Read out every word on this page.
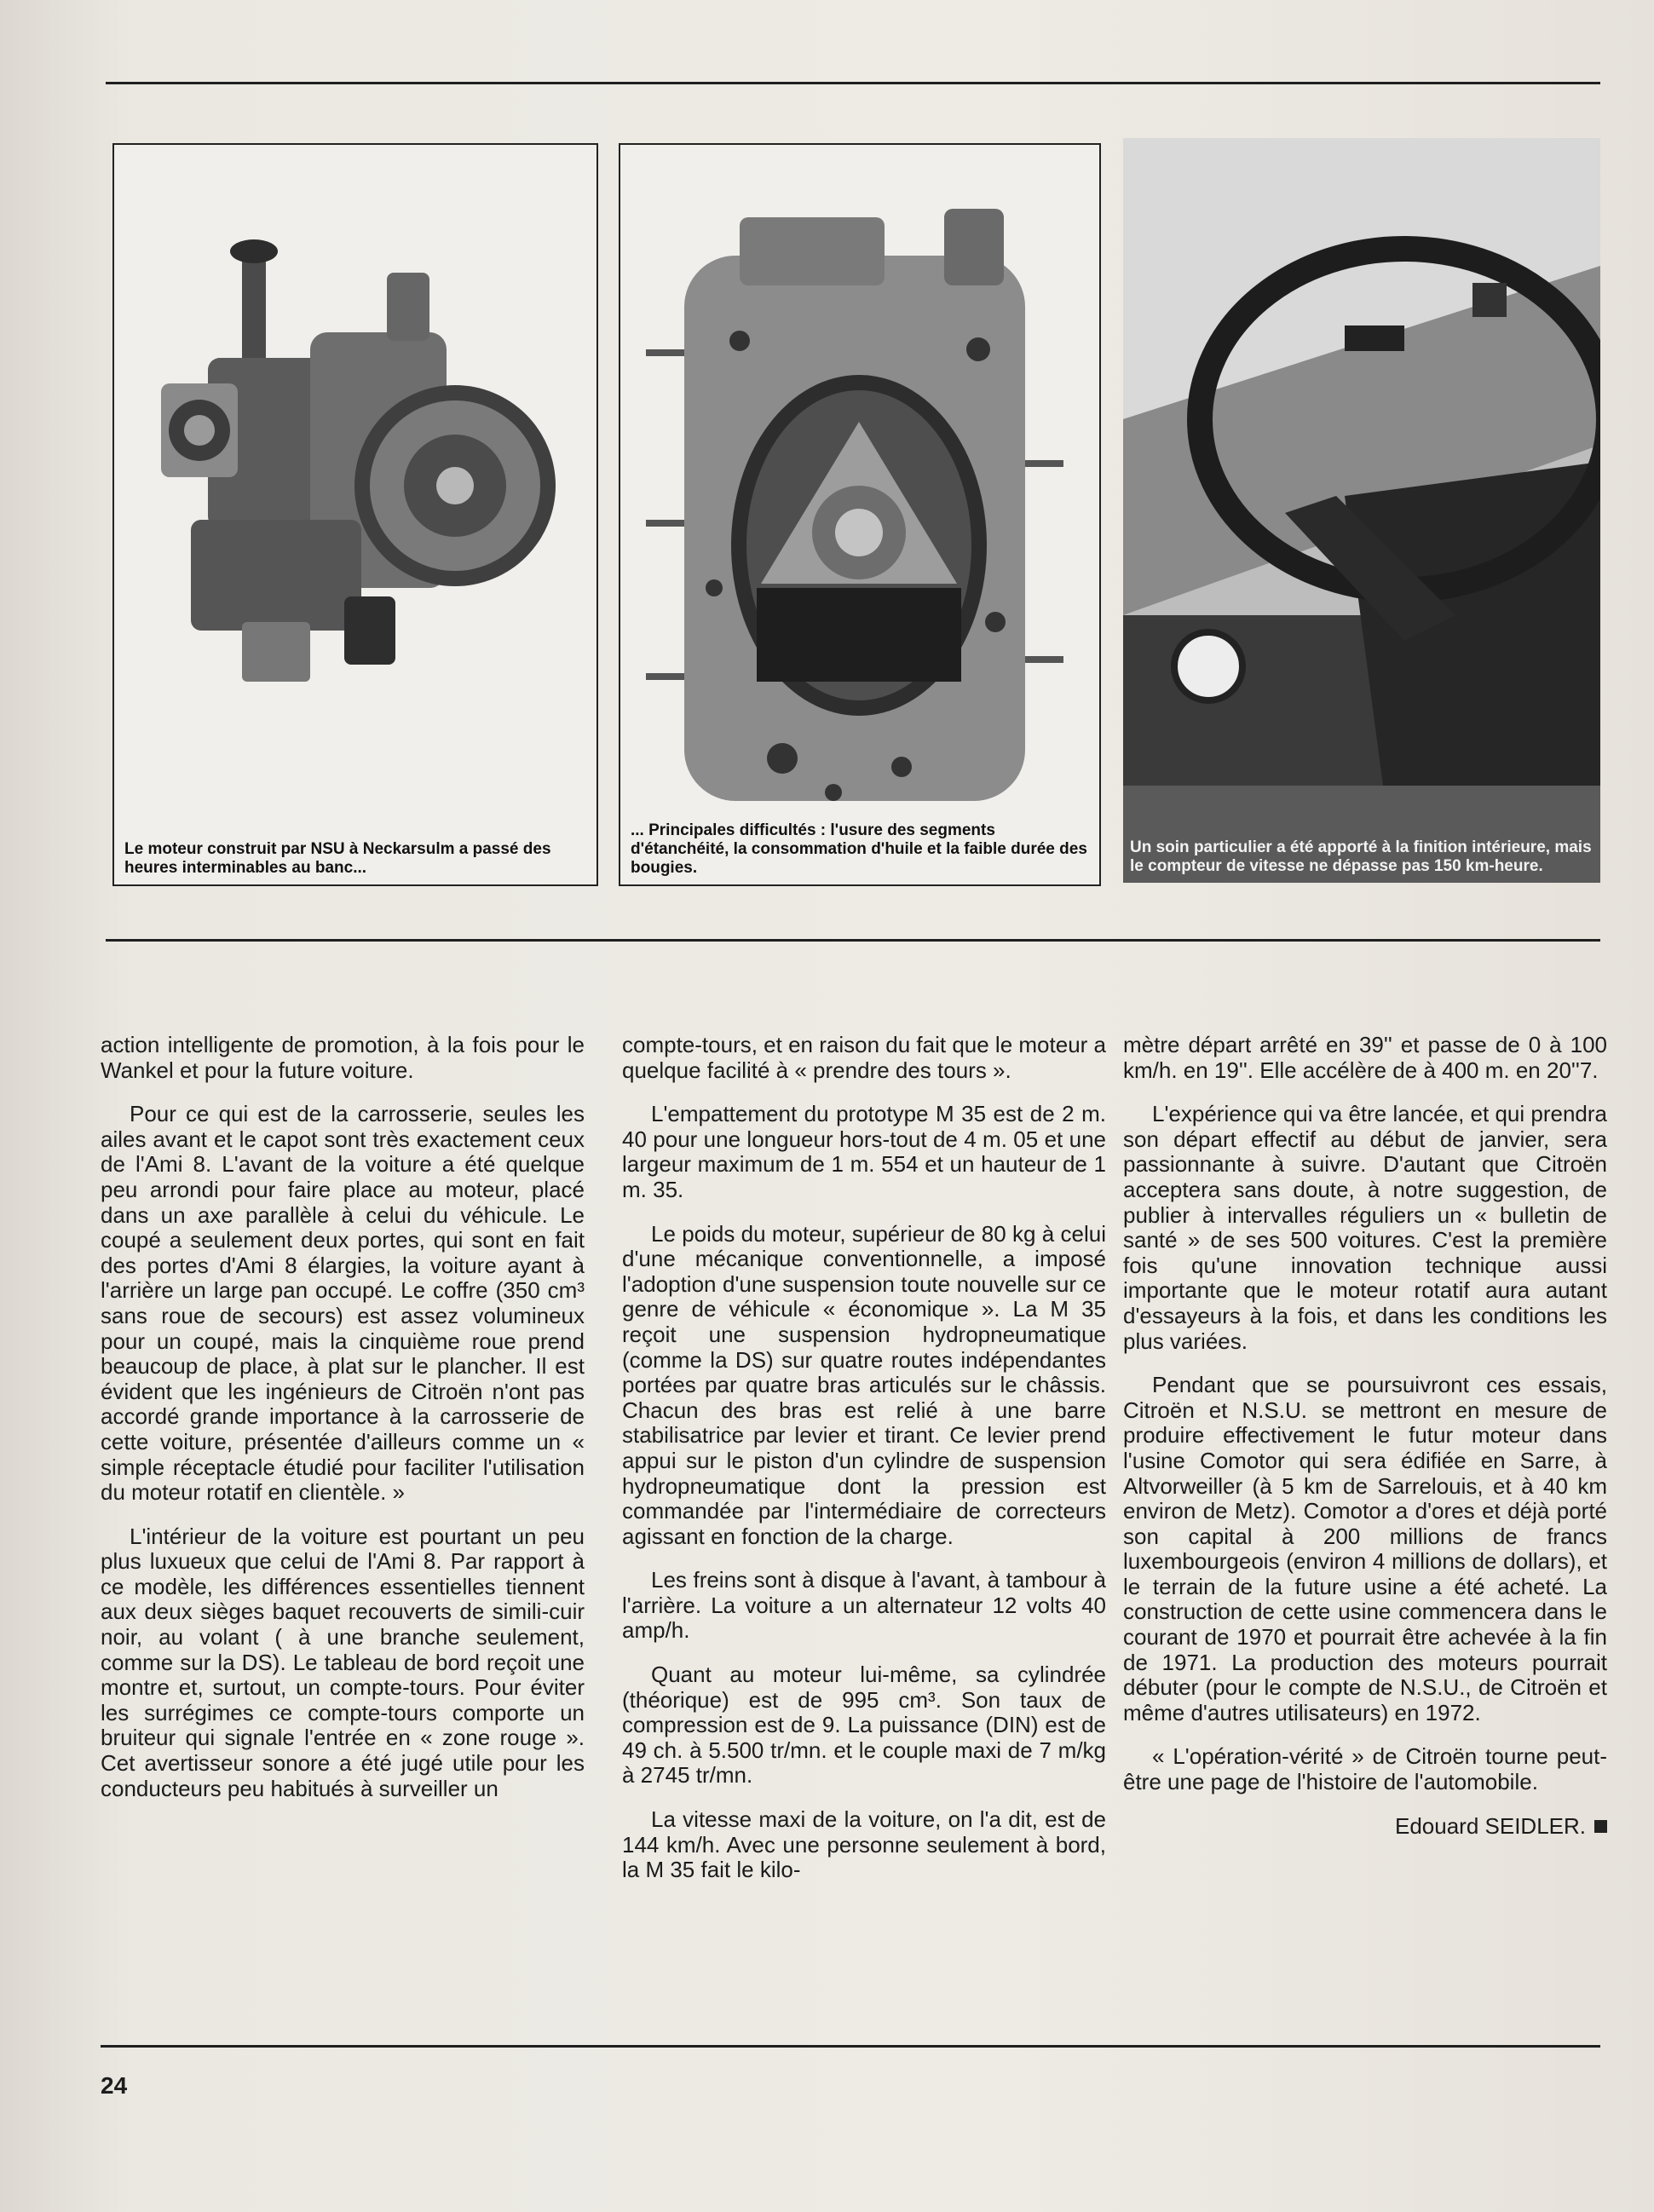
Le moteur construit par NSU à Neckarsulm a passé des heures interminables au banc...
... Principales difficultés : l'usure des segments d'étanchéité, la consommation d'huile et la faible durée des bougies.
Un soin particulier a été apporté à la finition intérieure, mais le compteur de vitesse ne dépasse pas 150 km-heure.

action intelligente de promotion, à la fois pour le Wankel et pour la future voiture.

Pour ce qui est de la carrosserie, seules les ailes avant et le capot sont très exactement ceux de l'Ami 8. L'avant de la voiture a été quelque peu arrondi pour faire place au moteur, placé dans un axe parallèle à celui du véhicule. Le coupé a seulement deux portes, qui sont en fait des portes d'Ami 8 élargies, la voiture ayant à l'arrière un large pan occupé. Le coffre (350 cm³ sans roue de secours) est assez volumineux pour un coupé, mais la cinquième roue prend beaucoup de place, à plat sur le plancher. Il est évident que les ingénieurs de Citroën n'ont pas accordé grande importance à la carrosserie de cette voiture, présentée d'ailleurs comme un « simple réceptacle étudié pour faciliter l'utilisation du moteur rotatif en clientèle. »

L'intérieur de la voiture est pourtant un peu plus luxueux que celui de l'Ami 8. Par rapport à ce modèle, les différences essentielles tiennent aux deux sièges baquet recouverts de simili-cuir noir, au volant ( à une branche seulement, comme sur la DS). Le tableau de bord reçoit une montre et, surtout, un compte-tours. Pour éviter les surrégimes ce compte-tours comporte un bruiteur qui signale l'entrée en « zone rouge ». Cet avertisseur sonore a été jugé utile pour les conducteurs peu habitués à surveiller un

compte-tours, et en raison du fait que le moteur a quelque facilité à « prendre des tours ».

L'empattement du prototype M 35 est de 2 m. 40 pour une longueur hors-tout de 4 m. 05 et une largeur maximum de 1 m. 554 et un hauteur de 1 m. 35.

Le poids du moteur, supérieur de 80 kg à celui d'une mécanique conventionnelle, a imposé l'adoption d'une suspension toute nouvelle sur ce genre de véhicule « économique ». La M 35 reçoit une suspension hydropneumatique (comme la DS) sur quatre routes indépendantes portées par quatre bras articulés sur le châssis. Chacun des bras est relié à une barre stabilisatrice par levier et tirant. Ce levier prend appui sur le piston d'un cylindre de suspension hydropneumatique dont la pression est commandée par l'intermédiaire de correcteurs agissant en fonction de la charge.

Les freins sont à disque à l'avant, à tambour à l'arrière. La voiture a un alternateur 12 volts 40 amp/h.

Quant au moteur lui-même, sa cylindrée (théorique) est de 995 cm³. Son taux de compression est de 9. La puissance (DIN) est de 49 ch. à 5.500 tr/mn. et le couple maxi de 7 m/kg à 2745 tr/mn.

La vitesse maxi de la voiture, on l'a dit, est de 144 km/h. Avec une personne seulement à bord, la M 35 fait le kilo-

mètre départ arrêté en 39'' et passe de 0 à 100 km/h. en 19''. Elle accélère de à 400 m. en 20''7.

L'expérience qui va être lancée, et qui prendra son départ effectif au début de janvier, sera passionnante à suivre. D'autant que Citroën acceptera sans doute, à notre suggestion, de publier à intervalles réguliers un « bulletin de santé » de ses 500 voitures. C'est la première fois qu'une innovation technique aussi importante que le moteur rotatif aura autant d'essayeurs à la fois, et dans les conditions les plus variées.

Pendant que se poursuivront ces essais, Citroën et N.S.U. se mettront en mesure de produire effectivement le futur moteur dans l'usine Comotor qui sera édifiée en Sarre, à Altvorweiller (à 5 km de Sarrelouis, et à 40 km environ de Metz). Comotor a d'ores et déjà porté son capital à 200 millions de francs luxembourgeois (environ 4 millions de dollars), et le terrain de la future usine a été acheté. La construction de cette usine commencera dans le courant de 1970 et pourrait être achevée à la fin de 1971. La production des moteurs pourrait débuter (pour le compte de N.S.U., de Citroën et même d'autres utilisateurs) en 1972.

« L'opération-vérité » de Citroën tourne peut-être une page de l'histoire de l'automobile.

Edouard SEIDLER.
24
